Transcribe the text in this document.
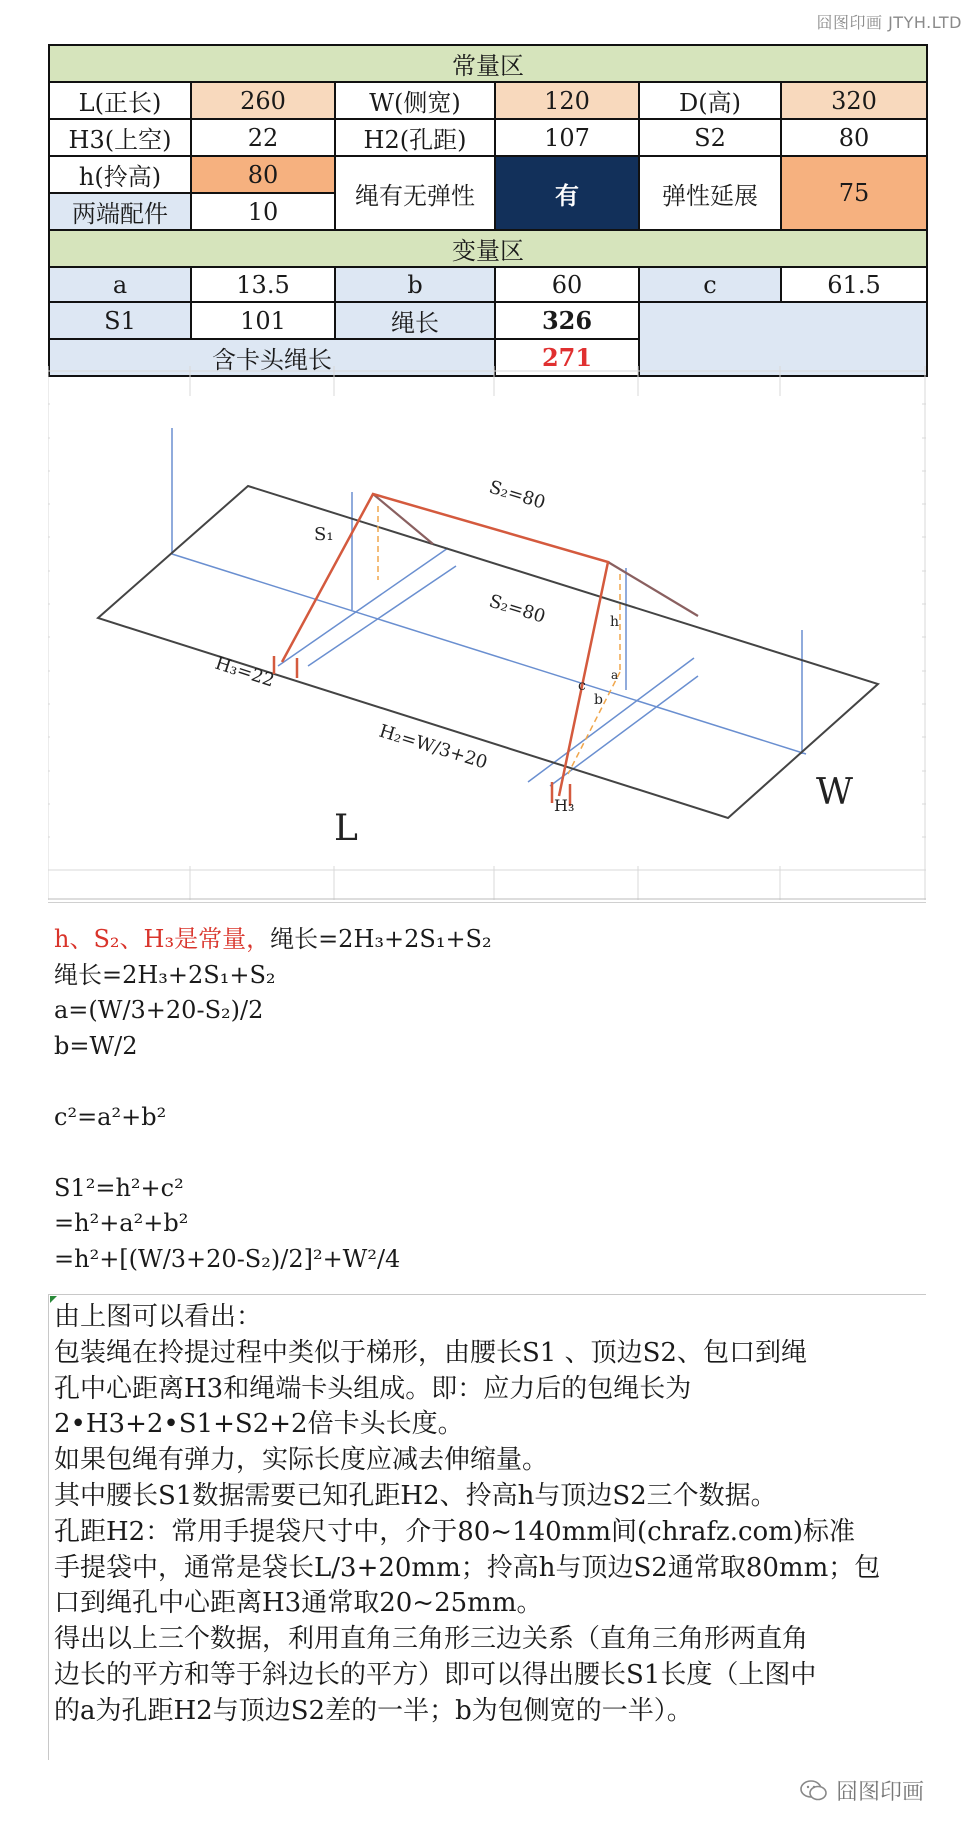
囧图印画 JTYH.LTD
常量区					
L(正长)	260	W(侧宽)	120	D(高)	320
H3(上空)	22	H2(孔距)	107	S2	80
h(拎高)	80	绳有无弹性	有	弹性延展	75
两端配件	10				
变量区					
a	13.5	b	60	c	61.5
S1	101	绳长	326		
含卡头绳长			271		
S₂=80
S₁
S₂=80	h
a
c
b
H₃=22
H₂=W/3+20
H₃
L
W
h、S₂、H₃是常量，绳长=2H₃+2S₁+S₂
绳长=2H₃+2S₁+S₂
a=(W/3+20-S₂)/2
b=W/2
c²=a²+b²
S1²=h²+c²
=h²+a²+b²
=h²+[(W/3+20-S₂)/2]²+W²/4
由上图可以看出：
包装绳在拎提过程中类似于梯形，由腰长S1 、顶边S2、包口到绳
孔中心距离H3和绳端卡头组成。即：应力后的包绳长为
2•H3+2•S1+S2+2倍卡头长度。
如果包绳有弹力，实际长度应减去伸缩量。
其中腰长S1数据需要已知孔距H2、拎高h与顶边S2三个数据。
孔距H2：常用手提袋尺寸中，介于80~140mm间(chrafz.com)标准
手提袋中，通常是袋长L/3+20mm；拎高h与顶边S2通常取80mm；包
口到绳孔中心距离H3通常取20~25mm。
得出以上三个数据，利用直角三角形三边关系（直角三角形两直角
边长的平方和等于斜边长的平方）即可以得出腰长S1长度（上图中
的a为孔距H2与顶边S2差的一半；b为包侧宽的一半）。
囧图印画
